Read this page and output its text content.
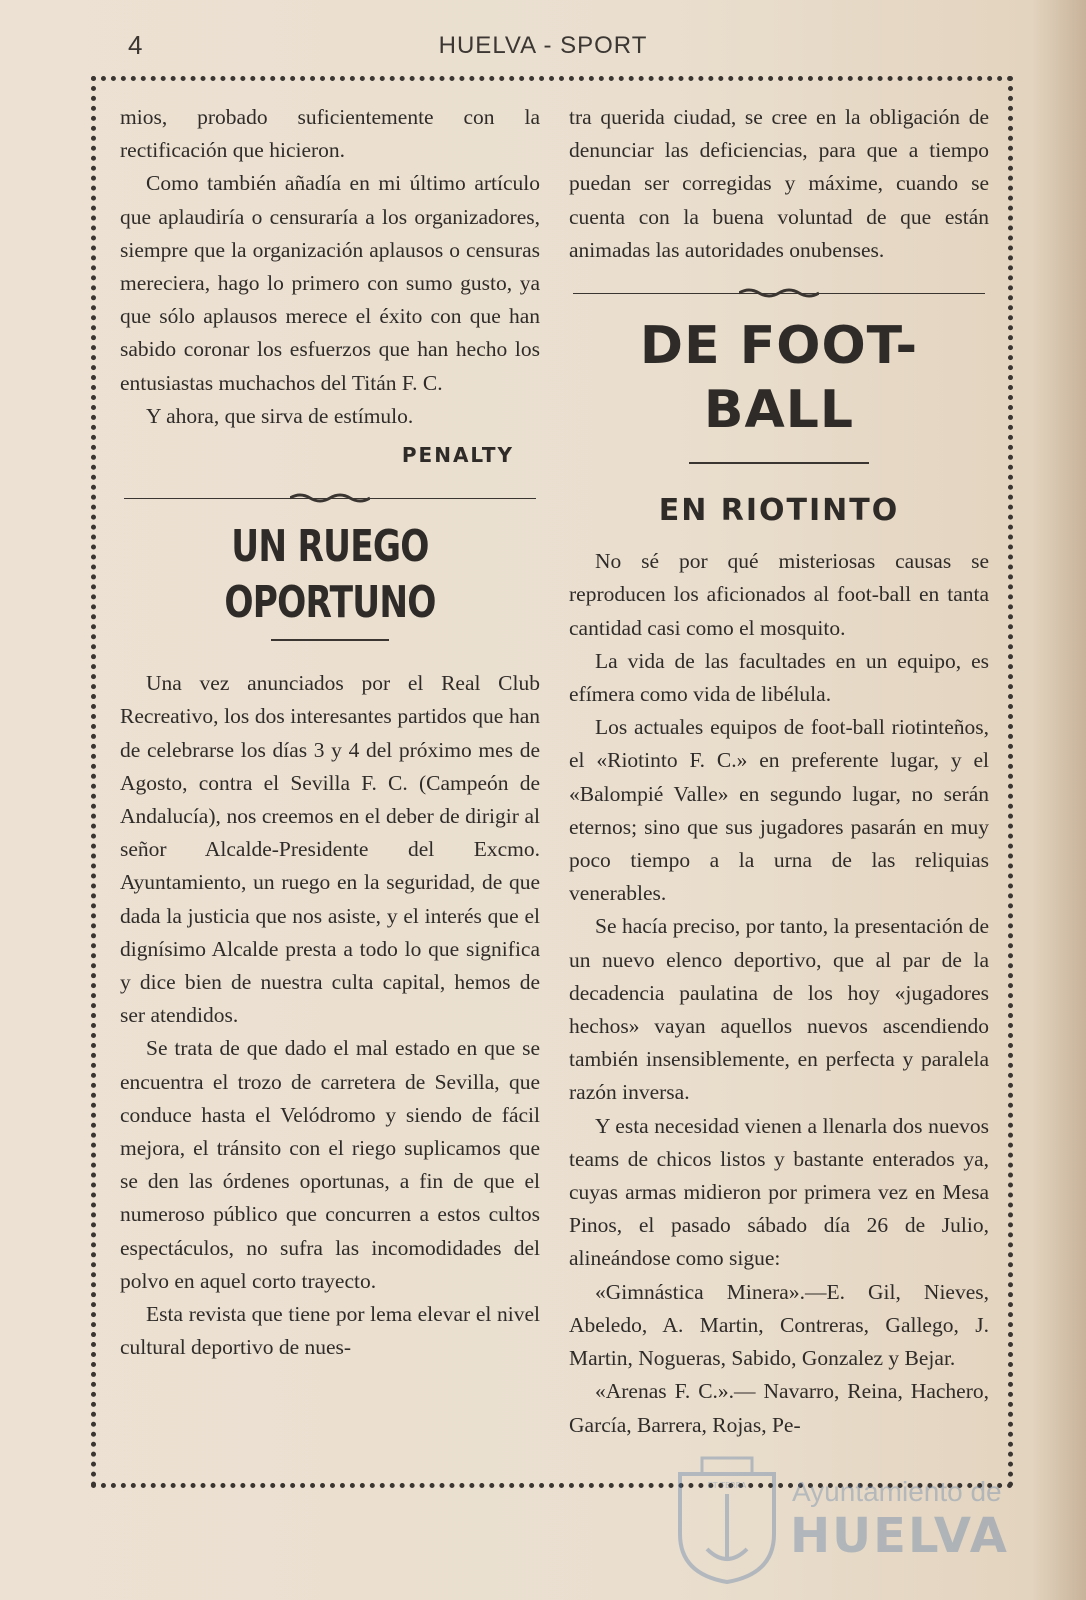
4	HUELVA - SPORT

mios, probado suficientemente con la rectificación que hicieron.

Como también añadía en mi último artículo que aplaudiría o censuraría a los organizadores, siempre que la organización aplausos o censuras mereciera, hago lo primero con sumo gusto, ya que sólo aplausos merece el éxito con que han sabido coronar los esfuerzos que han hecho los entusiastas muchachos del Titán F. C.

Y ahora, que sirva de estímulo.

PENALTY

UN RUEGO OPORTUNO

Una vez anunciados por el Real Club Recreativo, los dos interesantes partidos que han de celebrarse los días 3 y 4 del próximo mes de Agosto, contra el Sevilla F. C. (Campeón de Andalucía), nos creemos en el deber de dirigir al señor Alcalde-Presidente del Excmo. Ayuntamiento, un ruego en la seguridad, de que dada la justicia que nos asiste, y el interés que el dignísimo Alcalde presta a todo lo que significa y dice bien de nuestra culta capital, hemos de ser atendidos.

Se trata de que dado el mal estado en que se encuentra el trozo de carretera de Sevilla, que conduce hasta el Velódromo y siendo de fácil mejora, el tránsito con el riego suplicamos que se den las órdenes oportunas, a fin de que el numeroso público que concurren a estos cultos espectáculos, no sufra las incomodidades del polvo en aquel corto trayecto.

Esta revista que tiene por lema elevar el nivel cultural deportivo de nues-

tra querida ciudad, se cree en la obligación de denunciar las deficiencias, para que a tiempo puedan ser corregidas y máxime, cuando se cuenta con la buena voluntad de que están animadas las autoridades onubenses.

DE FOOT-BALL
EN RIOTINTO

No sé por qué misteriosas causas se reproducen los aficionados al foot-ball en tanta cantidad casi como el mosquito.

La vida de las facultades en un equipo, es efímera como vida de libélula.

Los actuales equipos de foot-ball riotinteños, el «Riotinto F. C.» en preferente lugar, y el «Balompié Valle» en segundo lugar, no serán eternos; sino que sus jugadores pasarán en muy poco tiempo a la urna de las reliquias venerables.

Se hacía preciso, por tanto, la presentación de un nuevo elenco deportivo, que al par de la decadencia paulatina de los hoy «jugadores hechos» vayan aquellos nuevos ascendiendo también insensiblemente, en perfecta y paralela razón inversa.

Y esta necesidad vienen a llenarla dos nuevos teams de chicos listos y bastante enterados ya, cuyas armas midieron por primera vez en Mesa Pinos, el pasado sábado día 26 de Julio, alineándose como sigue:

«Gimnástica Minera».—E. Gil, Nieves, Abeledo, A. Martin, Contreras, Gallego, J. Martin, Nogueras, Sabido, Gonzalez y Bejar.

«Arenas F. C.».— Navarro, Reina, Hachero, García, Barrera, Rojas, Pe-

ET TERRA Ayuntamiento de
HUELVA
